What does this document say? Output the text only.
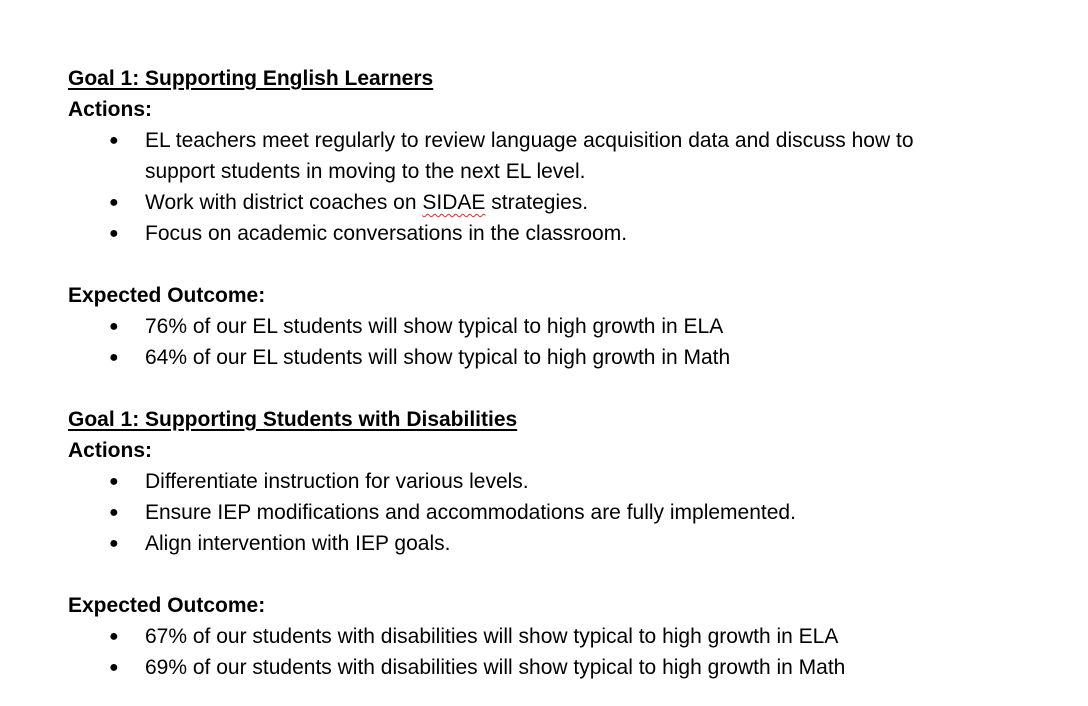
Goal 1: Supporting English Learners
Actions:
● EL teachers meet regularly to review language acquisition data and discuss how to
support students in moving to the next EL level.
● Work with district coaches on SIDAE strategies.
● Focus on academic conversations in the classroom.
Expected Outcome:
● 76% of our EL students will show typical to high growth in ELA
● 64% of our EL students will show typical to high growth in Math
Goal 1: Supporting Students with Disabilities
Actions:
● Differentiate instruction for various levels.
● Ensure IEP modifications and accommodations are fully implemented.
● Align intervention with IEP goals.
Expected Outcome:
● 67% of our students with disabilities will show typical to high growth in ELA
● 69% of our students with disabilities will show typical to high growth in Math
